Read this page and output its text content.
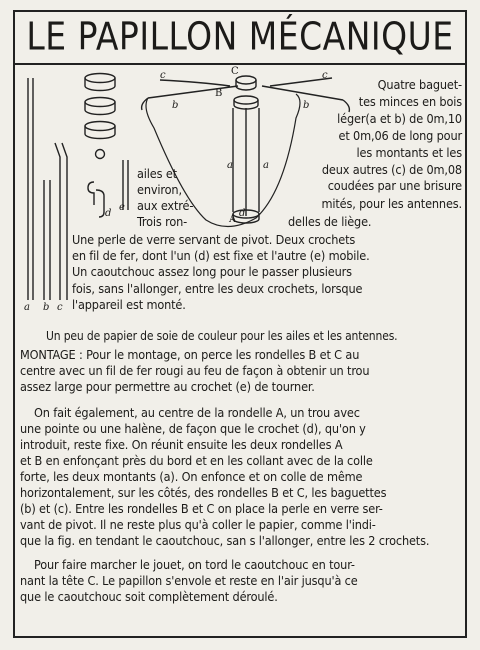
LE PAPILLON MÉCANIQUE
c	C	c
B
b	b
a	a
d
A
d
e
a b c
Quatre baguet-
tes minces en bois
léger(a et b) de 0m,10
et 0m,06 de long pour
les montants et les
deux autres (c) de 0m,08
ailes et
coudées par une brisure
environ,
aux extré-	mités, pour les antennes.
Trois ron-	delles de liège.
Une perle de verre servant de pivot. Deux crochets
en fil de fer, dont l'un (d) est fixe et l'autre (e) mobile.
Un caoutchouc assez long pour le passer plusieurs
fois, sans l'allonger, entre les deux crochets, lorsque
l'appareil est monté.
Un peu de papier de soie de couleur pour les ailes et les antennes.
MONTAGE : Pour le montage, on perce les rondelles B et C au
centre avec un fil de fer rougi au feu de façon à obtenir un trou
assez large pour permettre au crochet (e) de tourner.
On fait également, au centre de la rondelle A, un trou avec
une pointe ou une halène, de façon que le crochet (d), qu'on y
introduit, reste fixe. On réunit ensuite les deux rondelles A
et B en enfonçant près du bord et en les collant avec de la colle
forte, les deux montants (a). On enfonce et on colle de même
horizontalement, sur les côtés, des rondelles B et C, les baguettes
(b) et (c). Entre les rondelles B et C on place la perle en verre ser-
vant de pivot. Il ne reste plus qu'à coller le papier, comme l'indi-
que la fig. en tendant le caoutchouc, san s l'allonger, entre les 2 crochets.
Pour faire marcher le jouet, on tord le caoutchouc en tour-
nant la tête C. Le papillon s'envole et reste en l'air jusqu'à ce
que le caoutchouc soit complètement déroulé.
